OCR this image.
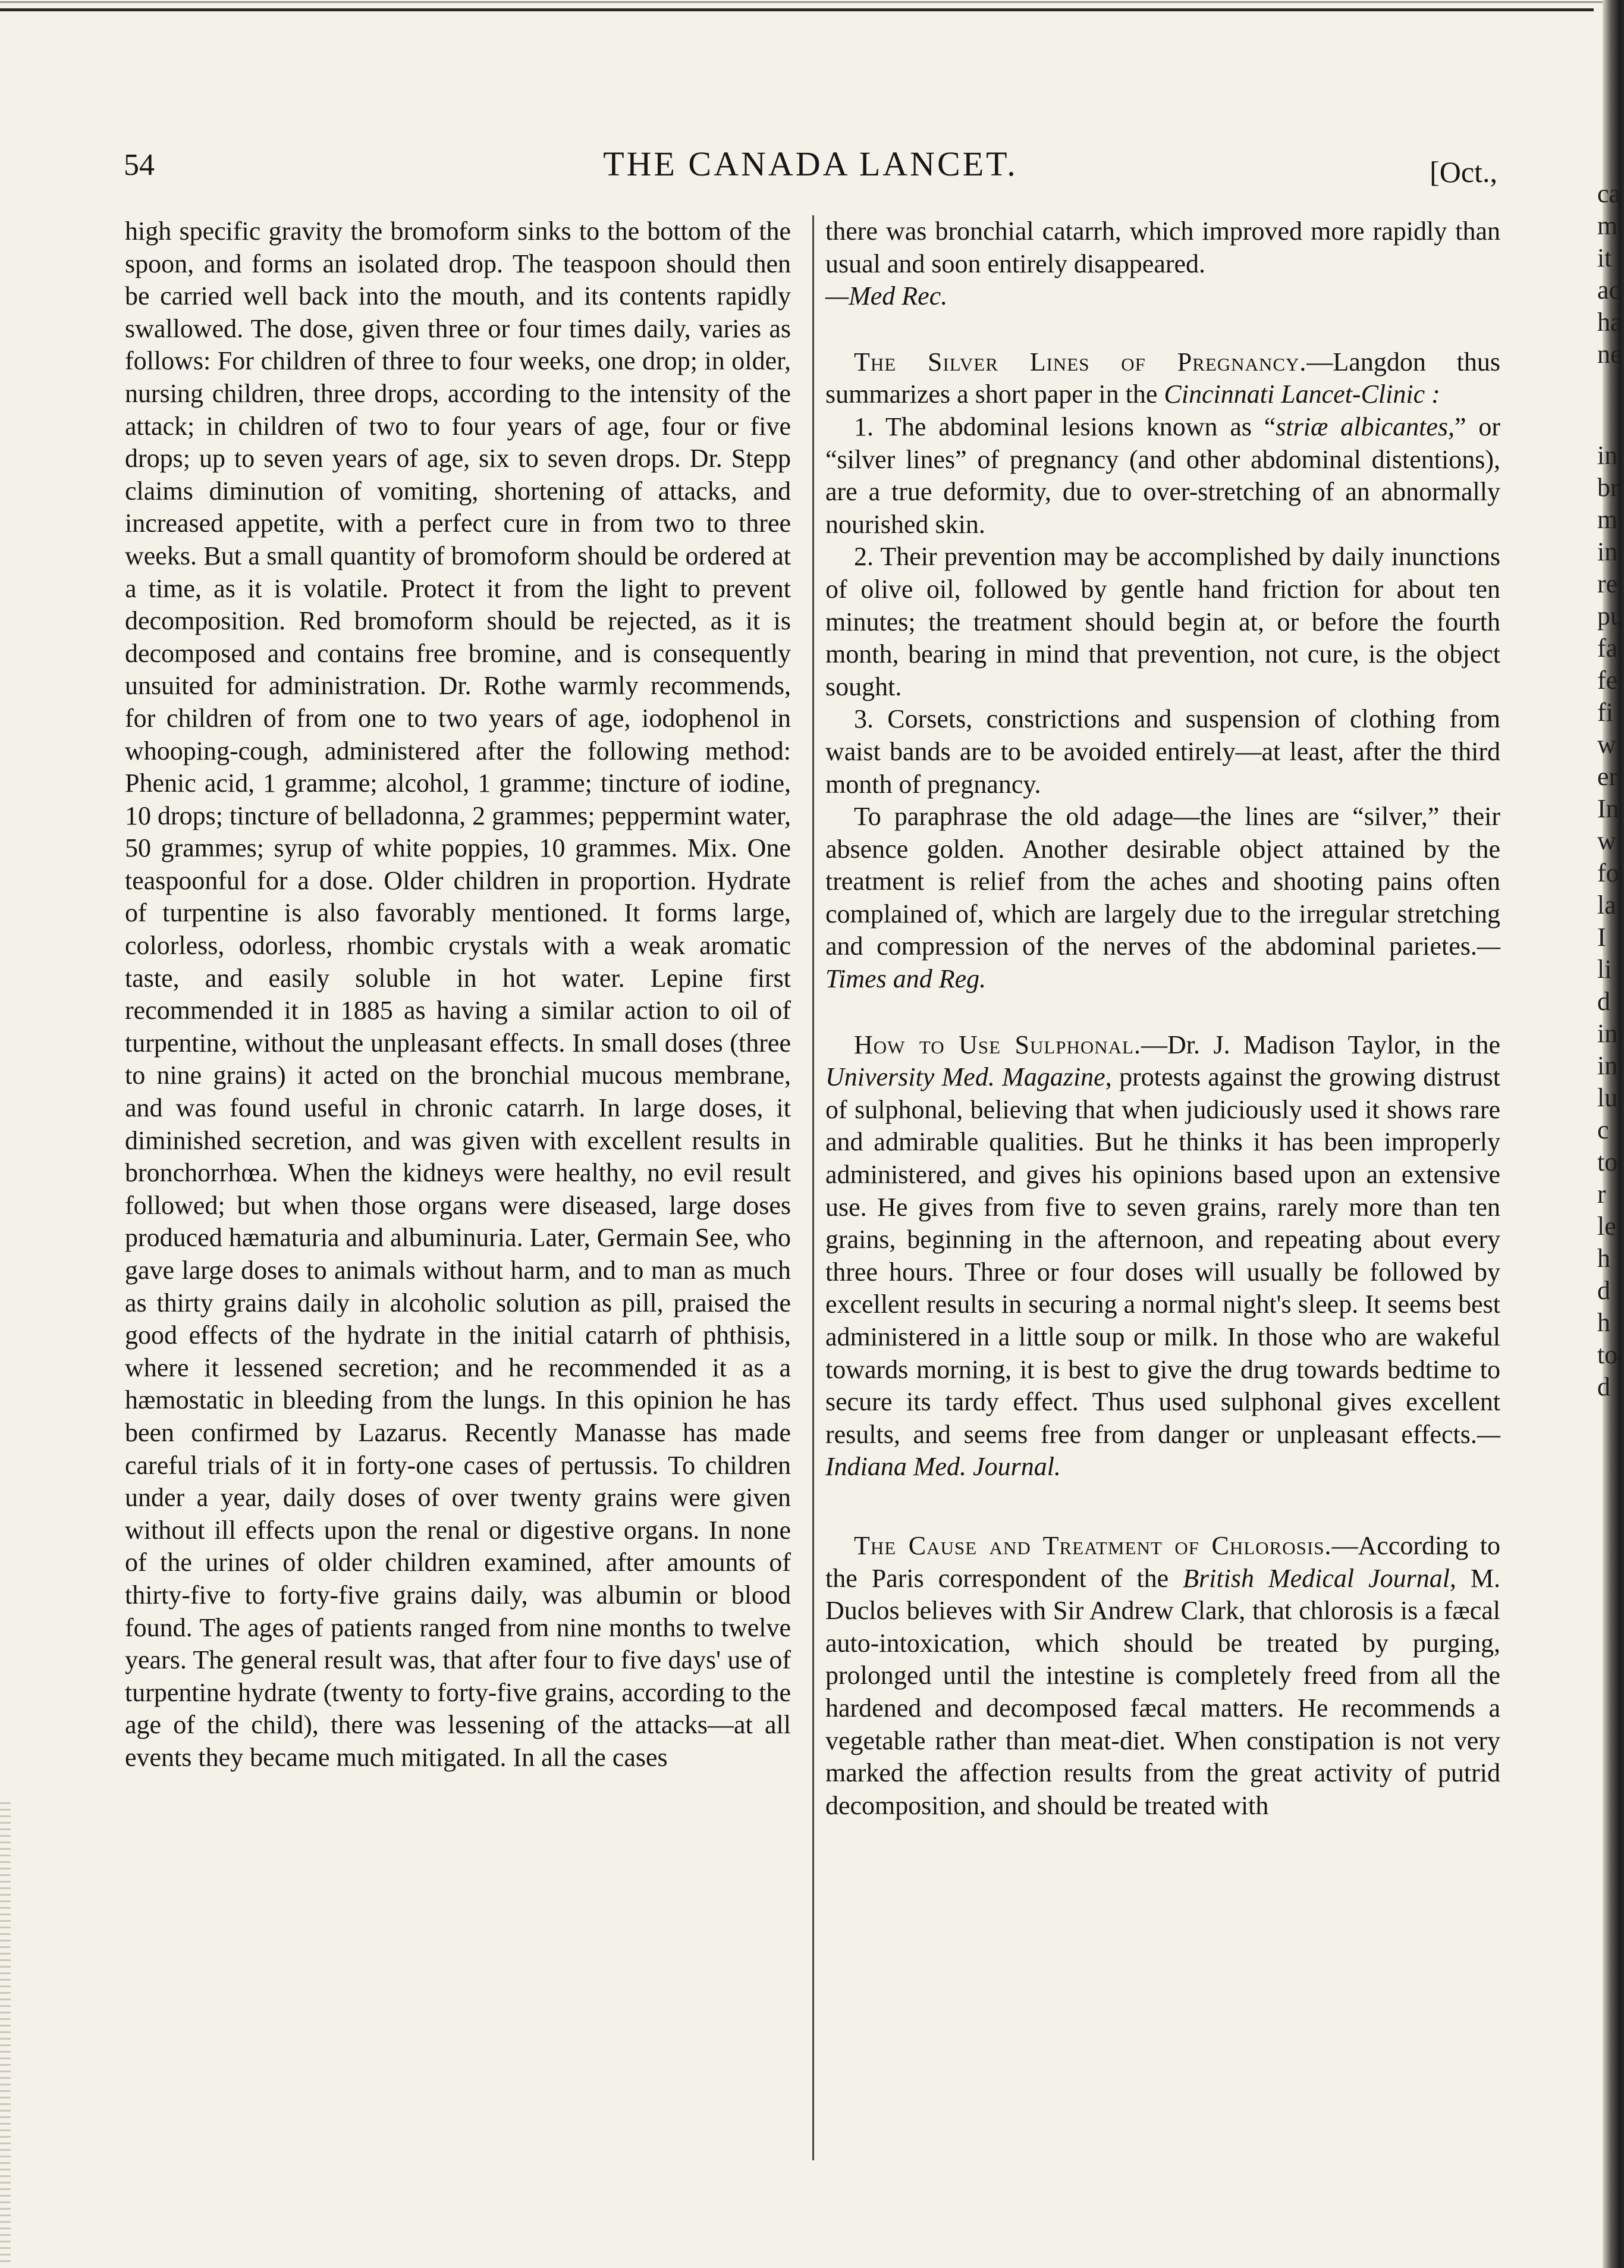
54	THE CANADA LANCET.	[Oct.,

high specific gravity the bromoform sinks to the bottom of the spoon, and forms an isolated drop. The teaspoon should then be carried well back into the mouth, and its contents rapidly swallowed. The dose, given three or four times daily, varies as follows: For children of three to four weeks, one drop; in older, nursing children, three drops, according to the intensity of the attack; in children of two to four years of age, four or five drops; up to seven years of age, six to seven drops. Dr. Stepp claims diminution of vomiting, shortening of attacks, and increased appetite, with a perfect cure in from two to three weeks. But a small quantity of bromoform should be ordered at a time, as it is volatile. Protect it from the light to prevent decomposition. Red bromoform should be rejected, as it is decomposed and contains free bromine, and is consequently unsuited for administration. Dr. Rothe warmly recommends, for children of from one to two years of age, iodophenol in whooping-cough, administered after the following method: Phenic acid, 1 gramme; alcohol, 1 gramme; tincture of iodine, 10 drops; tincture of belladonna, 2 grammes; peppermint water, 50 grammes; syrup of white poppies, 10 grammes. Mix. One teaspoonful for a dose. Older children in proportion. Hydrate of turpentine is also favorably mentioned. It forms large, colorless, odorless, rhombic crystals with a weak aromatic taste, and easily soluble in hot water. Lepine first recommended it in 1885 as having a similar action to oil of turpentine, without the unpleasant effects. In small doses (three to nine grains) it acted on the bronchial mucous membrane, and was found useful in chronic catarrh. In large doses, it diminished secretion, and was given with excellent results in bronchorrhœa. When the kidneys were healthy, no evil result followed; but when those organs were diseased, large doses produced hæmaturia and albuminuria. Later, Germain See, who gave large doses to animals without harm, and to man as much as thirty grains daily in alcoholic solution as pill, praised the good effects of the hydrate in the initial catarrh of phthisis, where it lessened secretion; and he recommended it as a hæmostatic in bleeding from the lungs. In this opinion he has been confirmed by Lazarus. Recently Manasse has made careful trials of it in forty-one cases of pertussis. To children under a year, daily doses of over twenty grains were given without ill effects upon the renal or digestive organs. In none of the urines of older children examined, after amounts of thirty-five to forty-five grains daily, was albumin or blood found. The ages of patients ranged from nine months to twelve years. The general result was, that after four to five days' use of turpentine hydrate (twenty to forty-five grains, according to the age of the child), there was lessening of the attacks—at all events they became much mitigated. In all the cases

there was bronchial catarrh, which improved more rapidly than usual and soon entirely disappeared.
—Med Rec.

The Silver Lines of Pregnancy.—Langdon thus summarizes a short paper in the Cincinnati Lancet-Clinic :

1. The abdominal lesions known as “striæ albicantes,” or “silver lines” of pregnancy (and other abdominal distentions), are a true deformity, due to over-stretching of an abnormally nourished skin.

2. Their prevention may be accomplished by daily inunctions of olive oil, followed by gentle hand friction for about ten minutes; the treatment should begin at, or before the fourth month, bearing in mind that prevention, not cure, is the object sought.

3. Corsets, constrictions and suspension of clothing from waist bands are to be avoided entirely—at least, after the third month of pregnancy.

To paraphrase the old adage—the lines are “silver,” their absence golden. Another desirable object attained by the treatment is relief from the aches and shooting pains often complained of, which are largely due to the irregular stretching and compression of the nerves of the abdominal parietes.—Times and Reg.

How to Use Sulphonal.—Dr. J. Madison Taylor, in the University Med. Magazine, protests against the growing distrust of sulphonal, believing that when judiciously used it shows rare and admirable qualities. But he thinks it has been improperly administered, and gives his opinions based upon an extensive use. He gives from five to seven grains, rarely more than ten grains, beginning in the afternoon, and repeating about every three hours. Three or four doses will usually be followed by excellent results in securing a normal night's sleep. It seems best administered in a little soup or milk. In those who are wakeful towards morning, it is best to give the drug towards bedtime to secure its tardy effect. Thus used sulphonal gives excellent results, and seems free from danger or unpleasant effects.—Indiana Med. Journal.

The Cause and Treatment of Chlorosis.—According to the Paris correspondent of the British Medical Journal, M. Duclos believes with Sir Andrew Clark, that chlorosis is a fæcal auto-intoxication, which should be treated by purging, prolonged until the intestine is completely freed from all the hardened and decomposed fæcal matters. He recommends a vegetable rather than meat-diet. When constipation is not very marked the affection results from the great activity of putrid decomposition, and should be treated with

ca
m
it
ac
ha
ne
in
br
m
in
re
pu
fa
fe
fi
w
er
In
w
fo
la
I
li
d
in
in
lu
c
to
r
le
h
d
h
to
d
